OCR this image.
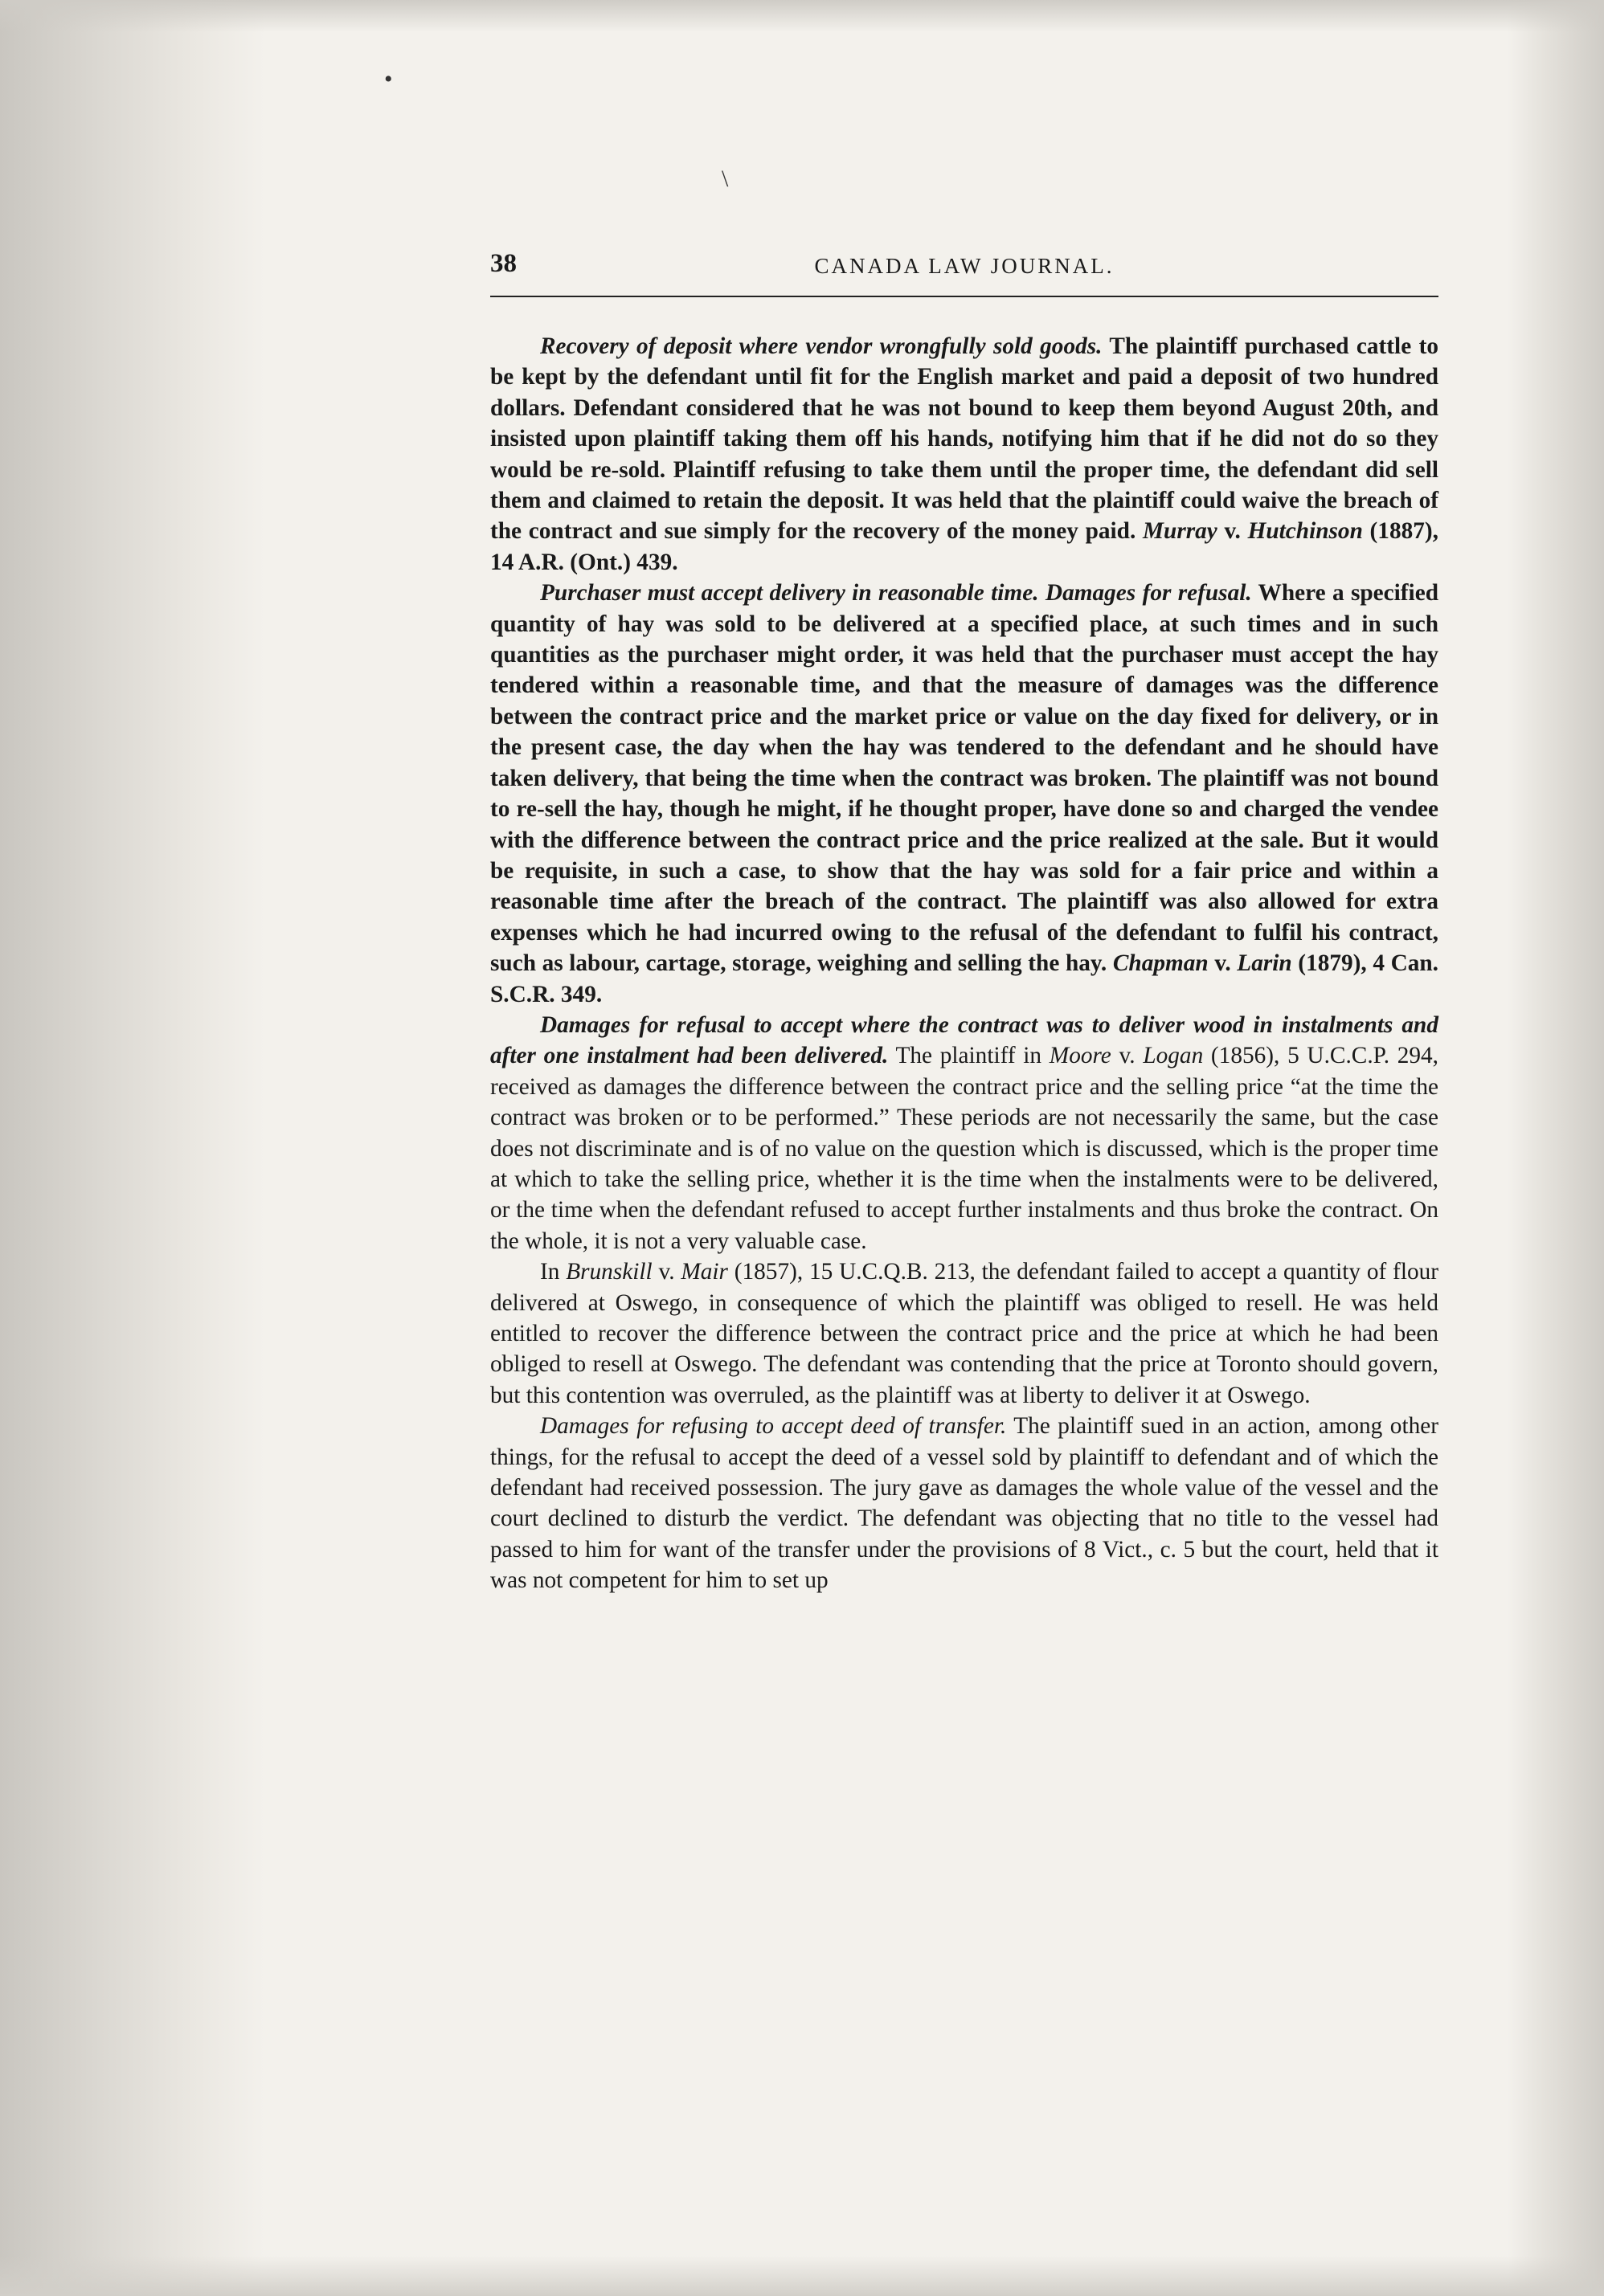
•
\
38	CANADA LAW JOURNAL.

Recovery of deposit where vendor wrongfully sold goods. The plaintiff purchased cattle to be kept by the defendant until fit for the English market and paid a deposit of two hundred dollars. Defendant considered that he was not bound to keep them beyond August 20th, and insisted upon plaintiff taking them off his hands, notifying him that if he did not do so they would be re-sold. Plaintiff refusing to take them until the proper time, the defendant did sell them and claimed to retain the deposit. It was held that the plaintiff could waive the breach of the contract and sue simply for the recovery of the money paid. Murray v. Hutchinson (1887), 14 A.R. (Ont.) 439.

Purchaser must accept delivery in reasonable time. Damages for refusal. Where a specified quantity of hay was sold to be delivered at a specified place, at such times and in such quantities as the purchaser might order, it was held that the purchaser must accept the hay tendered within a reasonable time, and that the measure of damages was the difference between the contract price and the market price or value on the day fixed for delivery, or in the present case, the day when the hay was tendered to the defendant and he should have taken delivery, that being the time when the contract was broken. The plaintiff was not bound to re-sell the hay, though he might, if he thought proper, have done so and charged the vendee with the difference between the contract price and the price realized at the sale. But it would be requisite, in such a case, to show that the hay was sold for a fair price and within a reasonable time after the breach of the contract. The plaintiff was also allowed for extra expenses which he had incurred owing to the refusal of the defendant to fulfil his contract, such as labour, cartage, storage, weighing and selling the hay. Chapman v. Larin (1879), 4 Can. S.C.R. 349.

Damages for refusal to accept where the contract was to deliver wood in instalments and after one instalment had been delivered. The plaintiff in Moore v. Logan (1856), 5 U.C.C.P. 294, received as damages the difference between the contract price and the selling price “at the time the contract was broken or to be performed.” These periods are not necessarily the same, but the case does not discriminate and is of no value on the question which is discussed, which is the proper time at which to take the selling price, whether it is the time when the instalments were to be delivered, or the time when the defendant refused to accept further instalments and thus broke the contract. On the whole, it is not a very valuable case.

In Brunskill v. Mair (1857), 15 U.C.Q.B. 213, the defendant failed to accept a quantity of flour delivered at Oswego, in consequence of which the plaintiff was obliged to resell. He was held entitled to recover the difference between the contract price and the price at which he had been obliged to resell at Oswego. The defendant was contending that the price at Toronto should govern, but this contention was overruled, as the plaintiff was at liberty to deliver it at Oswego.

Damages for refusing to accept deed of transfer. The plaintiff sued in an action, among other things, for the refusal to accept the deed of a vessel sold by plaintiff to defendant and of which the defendant had received possession. The jury gave as damages the whole value of the vessel and the court declined to disturb the verdict. The defendant was objecting that no title to the vessel had passed to him for want of the transfer under the provisions of 8 Vict., c. 5 but the court, held that it was not competent for him to set up
